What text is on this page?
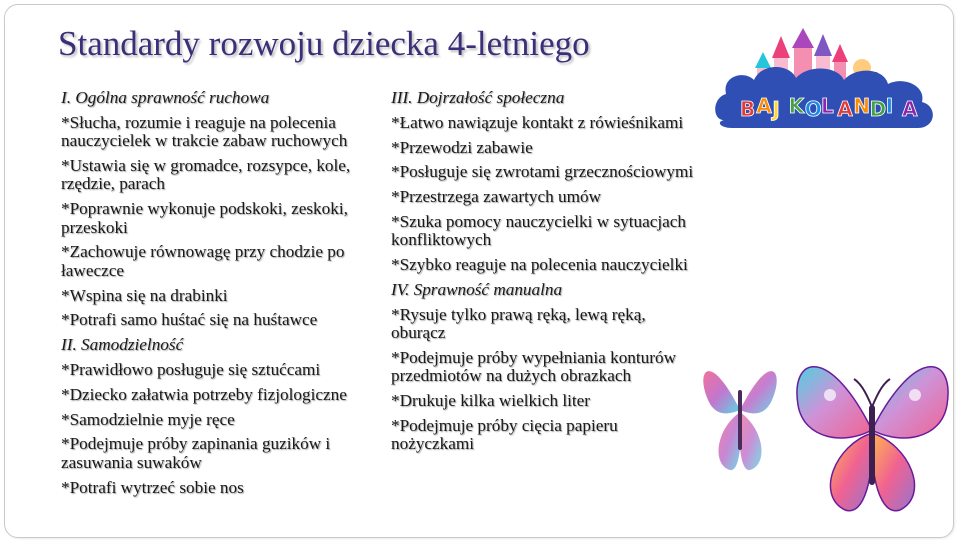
Standardy rozwoju dziecka 4-letniego
I. Ogólna sprawność ruchowa
*Słucha, rozumie i reaguje na polecenia nauczycielek w trakcie zabaw ruchowych
*Ustawia się w gromadce, rozsypce, kole, rzędzie, parach
*Poprawnie wykonuje podskoki, zeskoki, przeskoki
*Zachowuje równowagę przy chodzie po ławeczce
*Wspina się na drabinki
*Potrafi samo huśtać się na huśtawce
II. Samodzielność
*Prawidłowo posługuje się sztućcami
*Dziecko załatwia potrzeby fizjologiczne
*Samodzielnie myje ręce
*Podejmuje próby zapinania guzików i zasuwania suwaków
*Potrafi wytrzeć sobie nos
III. Dojrzałość społeczna
*Łatwo nawiązuje kontakt z rówieśnikami
*Przewodzi zabawie
*Posługuje się zwrotami grzecznościowymi
*Przestrzega zawartych umów
*Szuka pomocy nauczycielki w sytuacjach konfliktowych
*Szybko reaguje na polecenia nauczycielki
IV. Sprawność manualna
*Rysuje tylko prawą ręką, lewą ręką, oburącz
*Podejmuje próby wypełniania konturów przedmiotów na dużych obrazkach
*Drukuje kilka wielkich liter
*Podejmuje próby cięcia papieru nożyczkami
B A J K O L A N D I A
